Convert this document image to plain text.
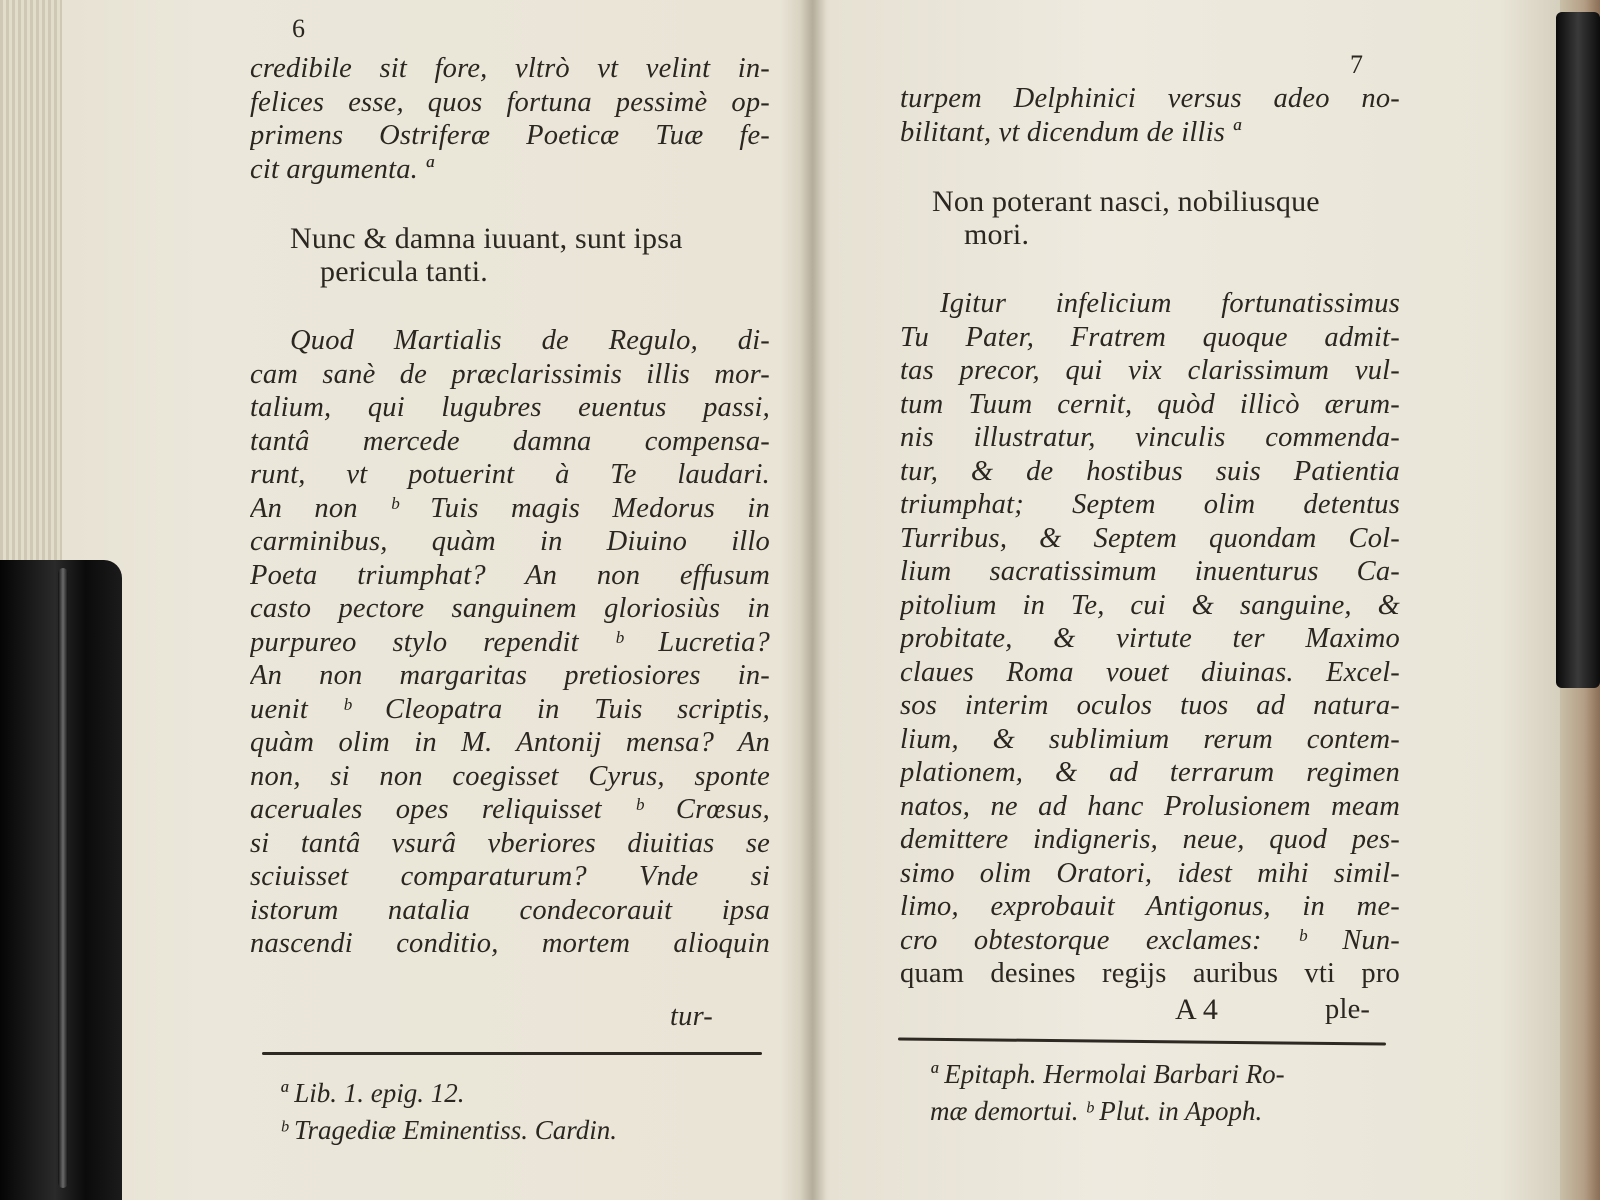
6
credibile sit fore, vltrò vt velint in-
felices esse, quos fortuna pessimè op-
primens Ostriferæ Poeticæ Tuæ fe-
cit argumenta. ª
Nunc & damna iuuant, sunt ipsa
pericula tanti.
Quod Martialis de Regulo, di-
cam sanè de præclarissimis illis mor-
talium, qui lugubres euentus passi,
tantâ mercede damna compensa-
runt, vt potuerint à Te laudari.
An non ᵇ Tuis magis Medorus in
carminibus, quàm in Diuino illo
Poeta triumphat? An non effusum
casto pectore sanguinem gloriosiùs in
purpureo stylo rependit ᵇ Lucretia?
An non margaritas pretiosiores in-
uenit ᵇ Cleopatra in Tuis scriptis,
quàm olim in M. Antonij mensa? An
non, si non coegisset Cyrus, sponte
aceruales opes reliquisset ᵇ Crœsus,
si tantâ vsurâ vberiores diuitias se
sciuisset comparaturum? Vnde si
istorum natalia condecorauit ipsa
nascendi conditio, mortem alioquin
tur-
ª Lib. 1. epig. 12.
ᵇ Tragediæ Eminentiss. Cardin.
7
turpem Delphinici versus adeo no-
bilitant, vt dicendum de illis ª
Non poterant nasci, nobiliusque
mori.
Igitur infelicium fortunatissimus
Tu Pater, Fratrem quoque admit-
tas precor, qui vix clarissimum vul-
tum Tuum cernit, quòd illicò ærum-
nis illustratur, vinculis commenda-
tur, & de hostibus suis Patientia
triumphat; Septem olim detentus
Turribus, & Septem quondam Col-
lium sacratissimum inuenturus Ca-
pitolium in Te, cui & sanguine, &
probitate, & virtute ter Maximo
claues Roma vouet diuinas. Excel-
sos interim oculos tuos ad natura-
lium, & sublimium rerum contem-
plationem, & ad terrarum regimen
natos, ne ad hanc Prolusionem meam
demittere indigneris, neue, quod pes-
simo olim Oratori, idest mihi simil-
limo, exprobauit Antigonus, in me-
cro obtestorque exclames: ᵇ Nun-
quam desines regijs auribus vti pro
A 4	ple-
ª Epitaph. Hermolai Barbari Ro-
mæ demortui. ᵇ Plut. in Apoph.
